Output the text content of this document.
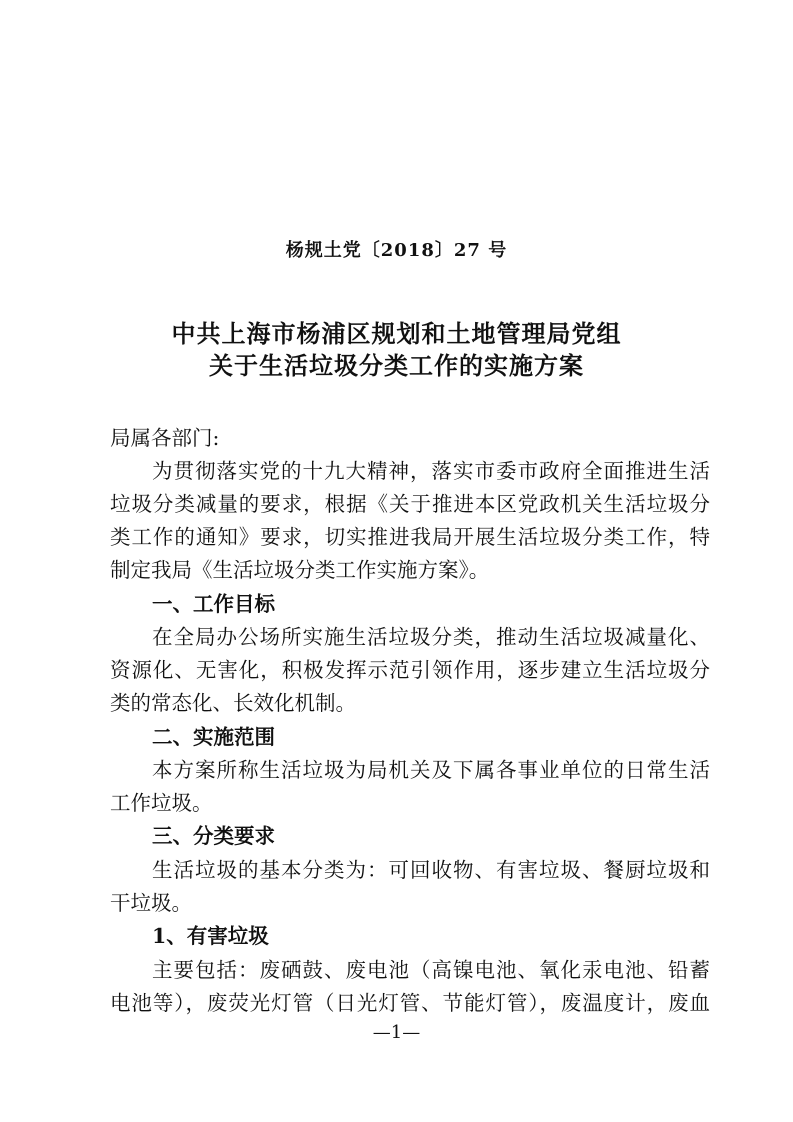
杨规土党〔2018〕27 号
中共上海市杨浦区规划和土地管理局党组
关于生活垃圾分类工作的实施方案
局属各部门:
为贯彻落实党的十九大精神，落实市委市政府全面推进生活
垃圾分类减量的要求，根据《关于推进本区党政机关生活垃圾分
类工作的通知》要求，切实推进我局开展生活垃圾分类工作，特
制定我局《生活垃圾分类工作实施方案》。
一、工作目标
在全局办公场所实施生活垃圾分类，推动生活垃圾减量化、
资源化、无害化，积极发挥示范引领作用，逐步建立生活垃圾分
类的常态化、长效化机制。
二、实施范围
本方案所称生活垃圾为局机关及下属各事业单位的日常生活
工作垃圾。
三、分类要求
生活垃圾的基本分类为：可回收物、有害垃圾、餐厨垃圾和
干垃圾。
1、有害垃圾
主要包括：废硒鼓、废电池（高镍电池、氧化汞电池、铅蓄
电池等），废荧光灯管（日光灯管、节能灯管），废温度计，废血
—1—
